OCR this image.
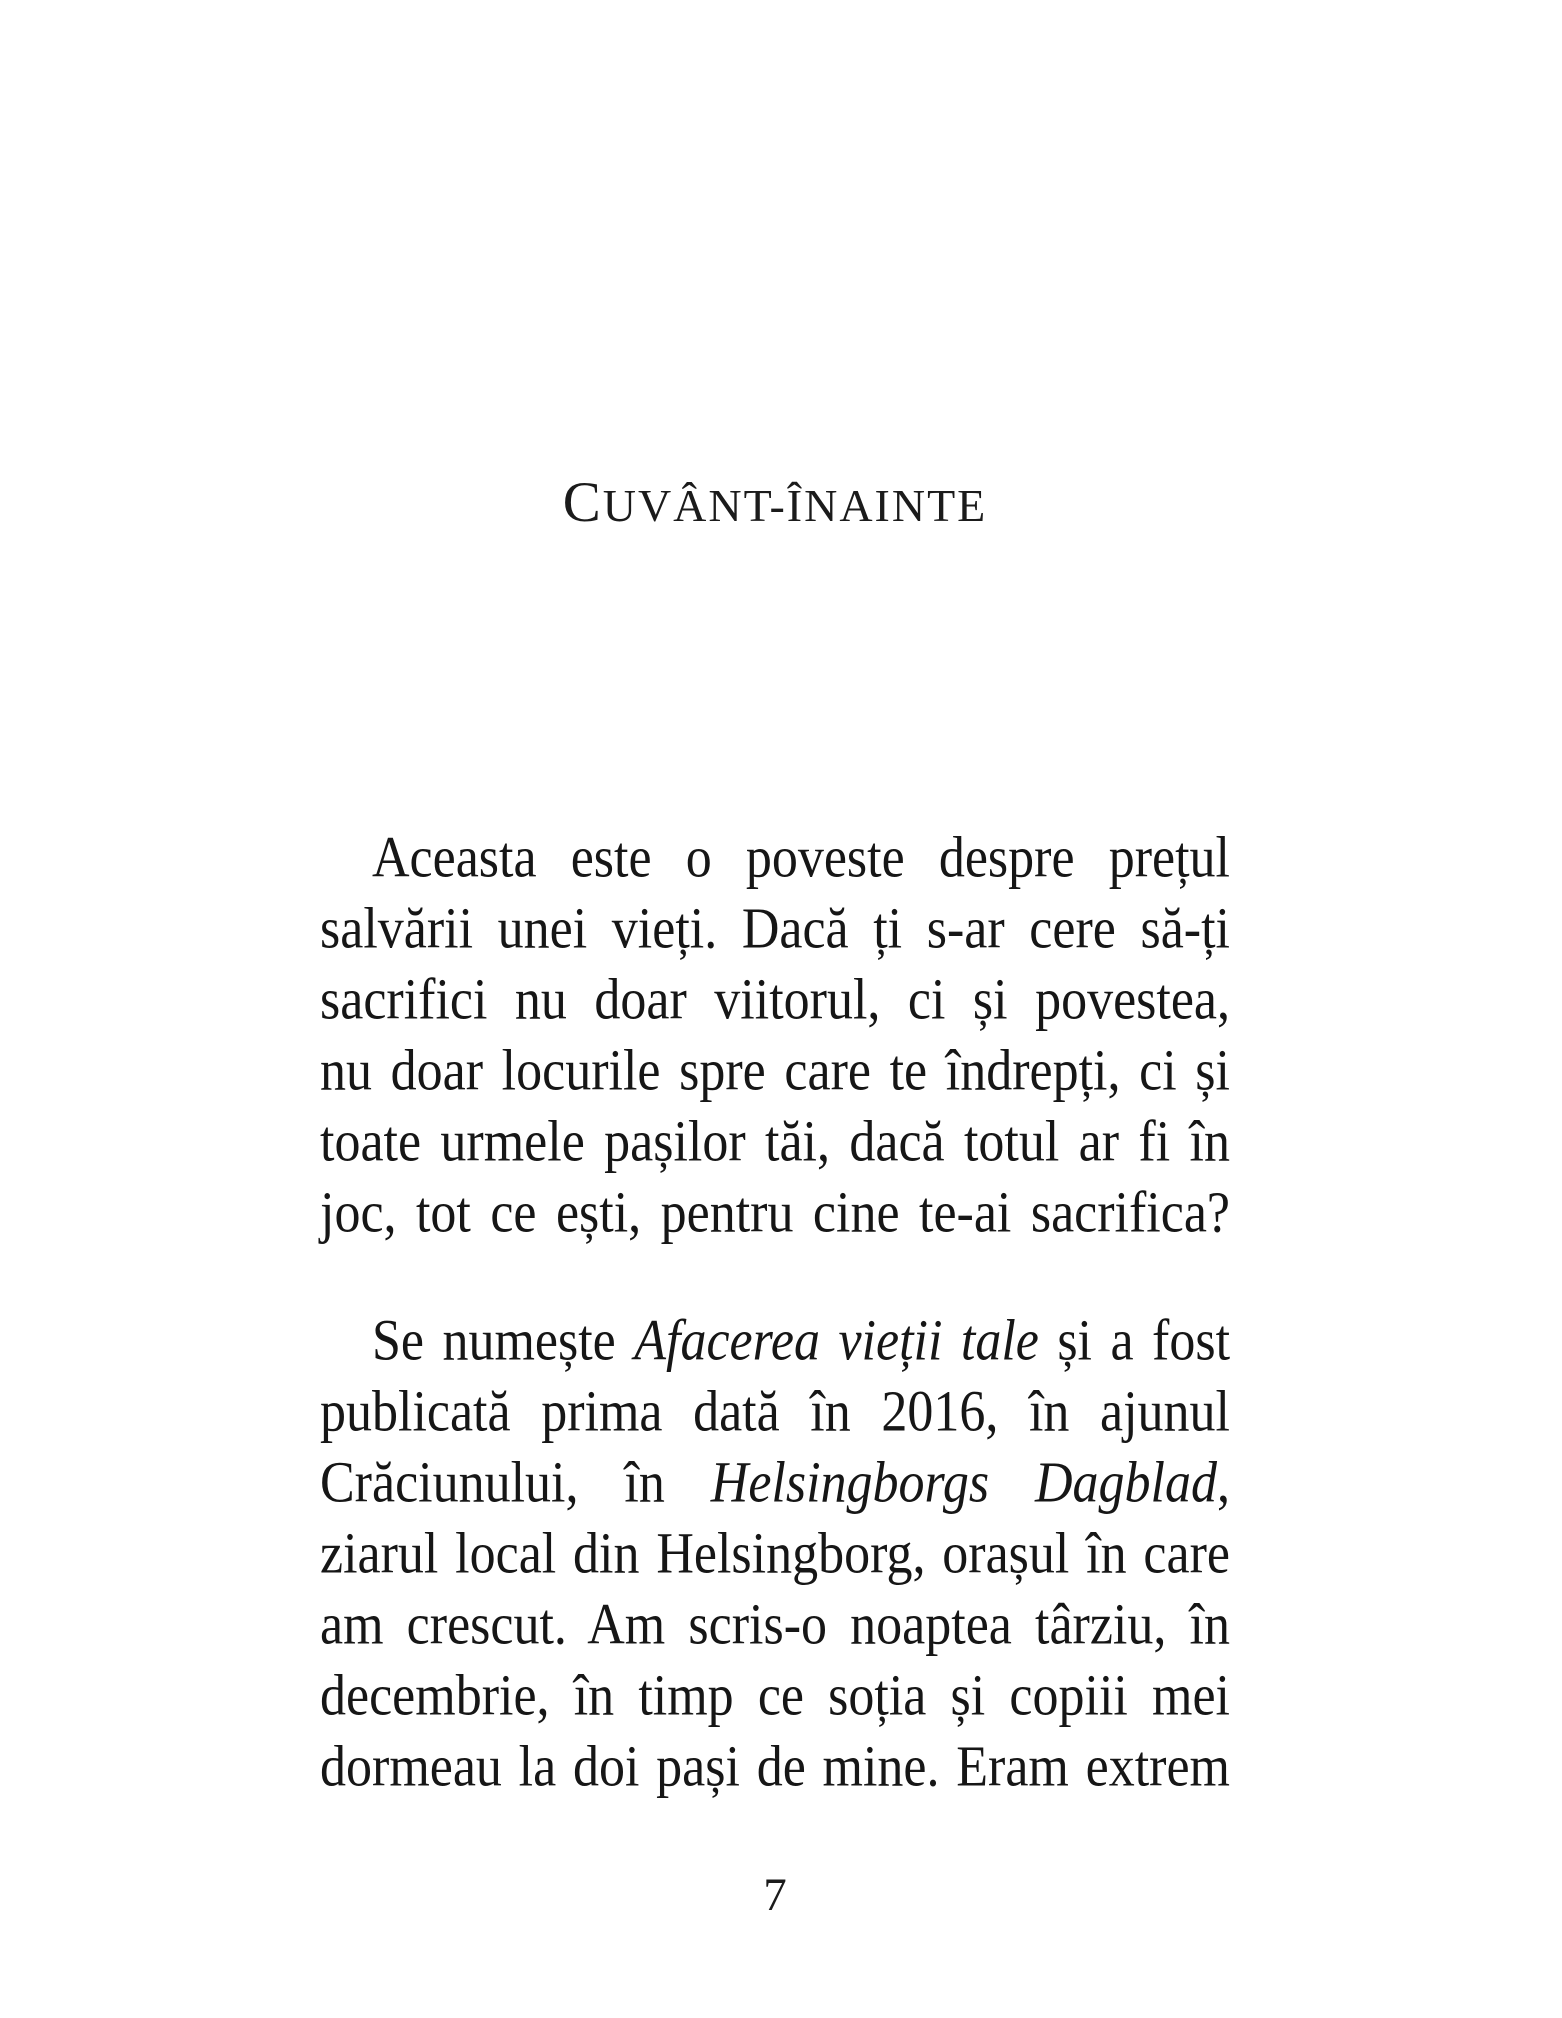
CUVÂNT-ÎNAINTE
Aceasta este o poveste despre prețul
salvării unei vieți. Dacă ți s-ar cere să-ți
sacrifici nu doar viitorul, ci și povestea,
nu doar locurile spre care te îndrepți, ci și
toate urmele pașilor tăi, dacă totul ar fi în
joc, tot ce ești, pentru cine te-ai sacrifica?
Se numește Afacerea vieții tale și a fost
publicată prima dată în 2016, în ajunul
Crăciunului, în Helsingborgs Dagblad,
ziarul local din Helsingborg, orașul în care
am crescut. Am scris-o noaptea târziu, în
decembrie, în timp ce soția și copiii mei
dormeau la doi pași de mine. Eram extrem
7
